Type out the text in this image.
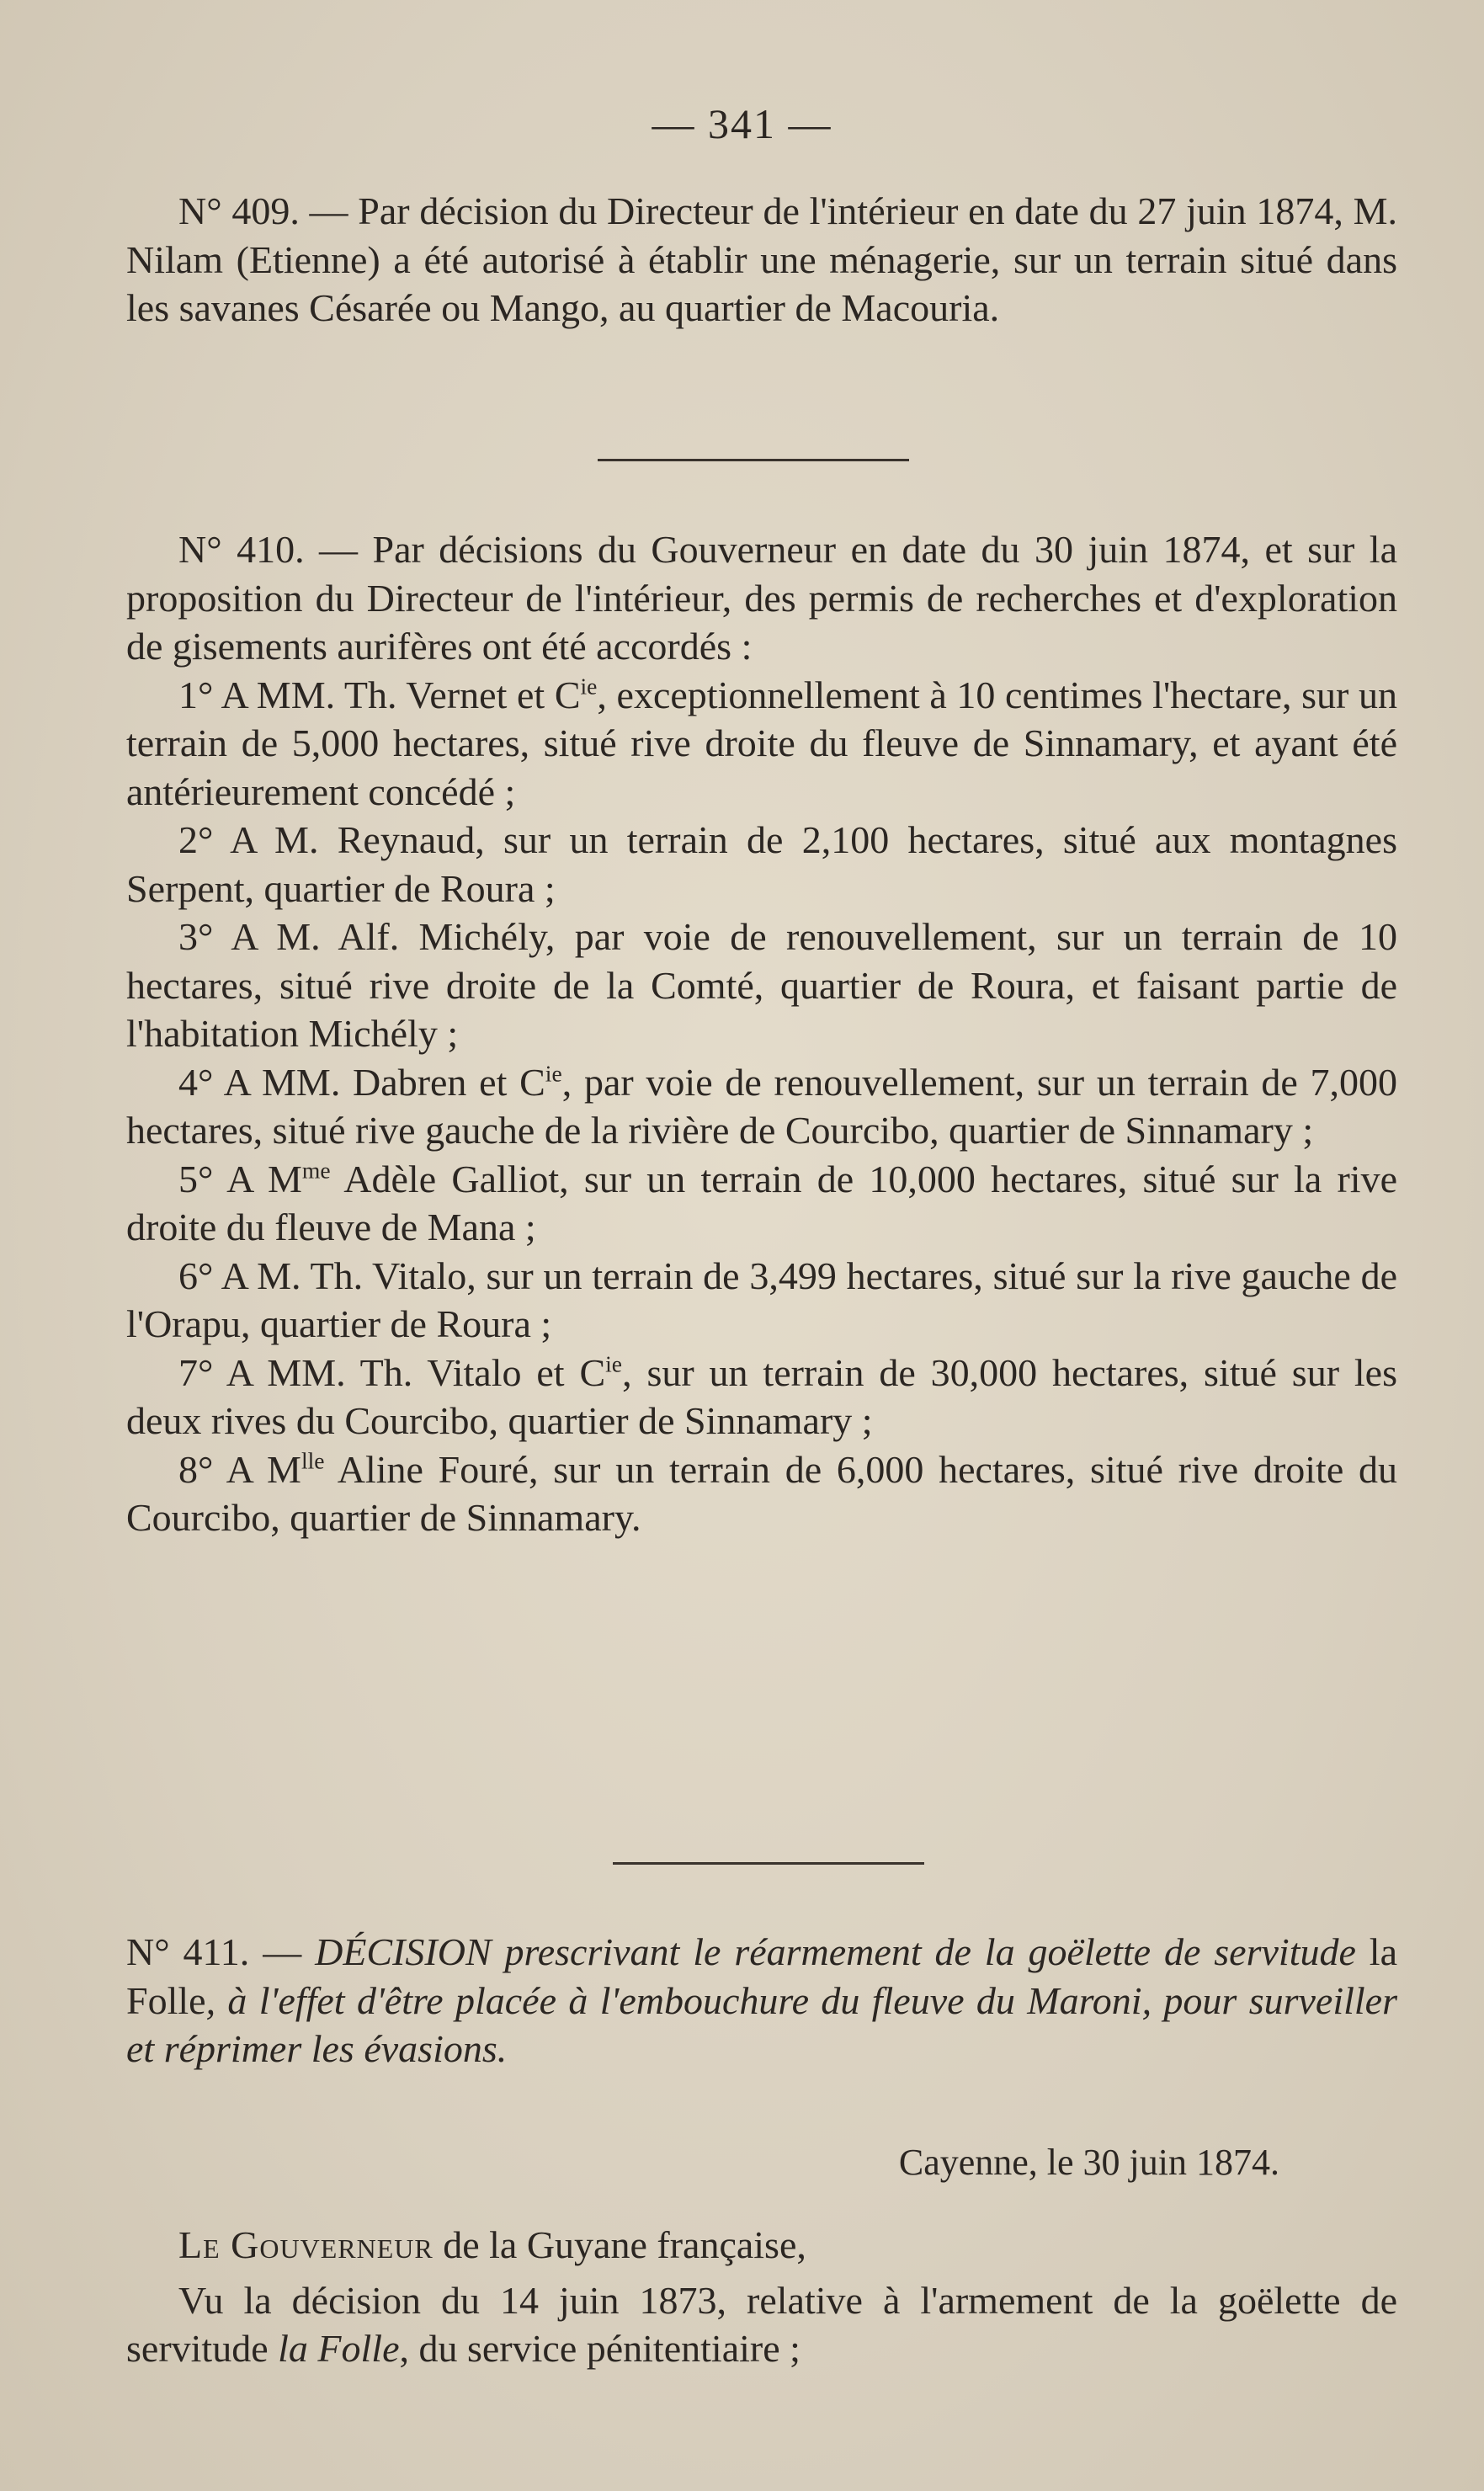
— 341 —

N° 409. — Par décision du Directeur de l'intérieur en date du 27 juin 1874, M. Nilam (Etienne) a été autorisé à établir une ménagerie, sur un terrain situé dans les savanes Césarée ou Mango, au quartier de Macouria.

N° 410. — Par décisions du Gouverneur en date du 30 juin 1874, et sur la proposition du Directeur de l'intérieur, des permis de recherches et d'exploration de gisements aurifères ont été accordés :

1° A MM. Th. Vernet et $C^{ie}$, exceptionnellement à 10 centimes l'hectare, sur un terrain de 5,000 hectares, situé rive droite du fleuve de Sinnamary, et ayant été antérieurement concédé ;

2° A M. Reynaud, sur un terrain de 2,100 hectares, situé aux montagnes Serpent, quartier de Roura ;

3° A M. Alf. Michély, par voie de renouvellement, sur un terrain de 10 hectares, situé rive droite de la Comté, quartier de Roura, et faisant partie de l'habitation Michély ;

4° A MM. Dabren et $C^{ie}$, par voie de renouvellement, sur un terrain de 7,000 hectares, situé rive gauche de la rivière de Courcibo, quartier de Sinnamary ;

5° A $M^{me}$ Adèle Galliot, sur un terrain de 10,000 hectares, situé sur la rive droite du fleuve de Mana ;

6° A M. Th. Vitalo, sur un terrain de 3,499 hectares, situé sur la rive gauche de l'Orapu, quartier de Roura ;

7° A MM. Th. Vitalo et $C^{ie}$, sur un terrain de 30,000 hectares, situé sur les deux rives du Courcibo, quartier de Sinnamary ;

8° A $M^{lle}$ Aline Fouré, sur un terrain de 6,000 hectares, situé rive droite du Courcibo, quartier de Sinnamary.

N° 411. — DÉCISION prescrivant le réarmement de la goëlette de servitude la Folle, à l'effet d'être placée à l'embouchure du fleuve du Maroni, pour surveiller et réprimer les évasions.

Cayenne, le 30 juin 1874.

Le Gouverneur de la Guyane française,

Vu la décision du 14 juin 1873, relative à l'armement de la goëlette de servitude la Folle, du service pénitentiaire ;
